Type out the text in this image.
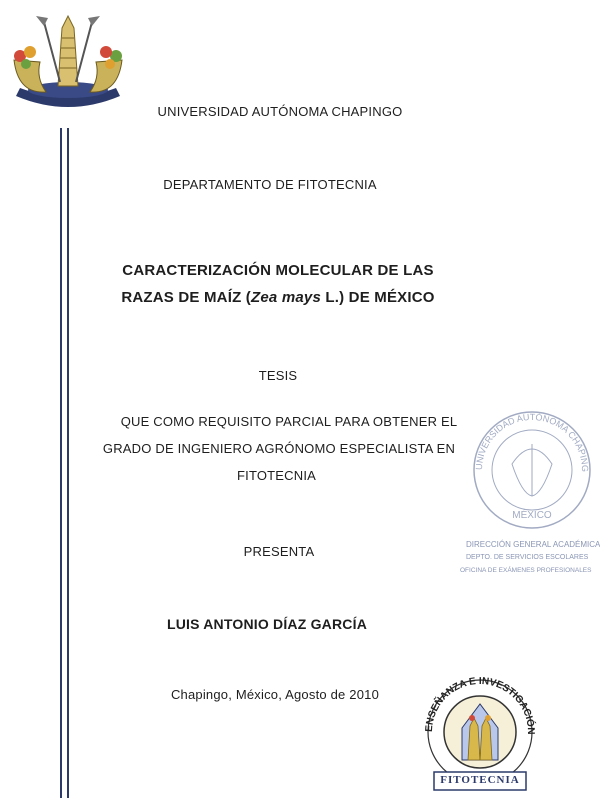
UNIVERSIDAD AUTÓNOMA CHAPINGO
DEPARTAMENTO DE FITOTECNIA
CARACTERIZACIÓN MOLECULAR DE LAS
RAZAS DE MAÍZ (Zea mays L.) DE MÉXICO
TESIS
QUE COMO REQUISITO PARCIAL PARA OBTENER EL
GRADO DE INGENIERO AGRÓNOMO ESPECIALISTA EN
FITOTECNIA
PRESENTA
LUIS ANTONIO DÍAZ GARCÍA
Chapingo, México, Agosto de 2010
UNIVERSIDAD AUTÓNOMA CHAPING
MÉXICO
DIRECCIÓN GENERAL ACADÉMICA
DEPTO. DE SERVICIOS ESCOLARES
OFICINA DE EXÁMENES PROFESIONALES
ENSEÑANZA E INVESTIGACIÓN
FITOTECNIA
